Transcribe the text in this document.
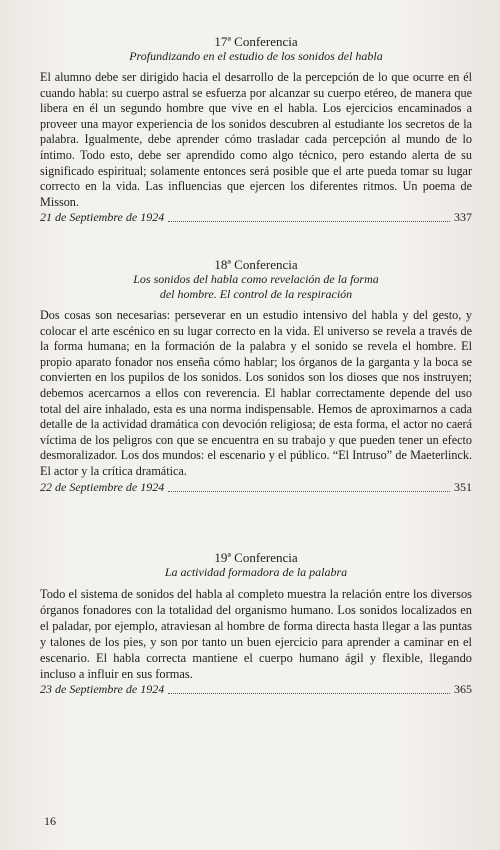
17ª Conferencia

Profundizando en el estudio de los sonidos del habla

El alumno debe ser dirigido hacia el desarrollo de la percepción de lo que ocurre en él cuando habla: su cuerpo astral se esfuerza por alcanzar su cuerpo etéreo, de manera que libera en él un segundo hombre que vive en el habla. Los ejercicios encaminados a proveer una mayor experiencia de los sonidos descubren al estudiante los secretos de la palabra. Igualmente, debe aprender cómo trasladar cada percepción al mundo de lo íntimo. Todo esto, debe ser aprendido como algo técnico, pero estando alerta de su significado espiritual; solamente entonces será posible que el arte pueda tomar su lugar correcto en la vida. Las influencias que ejercen los diferentes ritmos. Un poema de Misson.

21 de Septiembre de 1924	337

18ª Conferencia

Los sonidos del habla como revelación de la forma

del hombre. El control de la respiración

Dos cosas son necesarias: perseverar en un estudio intensivo del habla y del gesto, y colocar el arte escénico en su lugar correcto en la vida. El universo se revela a través de la forma humana; en la formación de la palabra y el sonido se revela el hombre. El propio aparato fonador nos enseña cómo hablar; los órganos de la garganta y la boca se convierten en los pupilos de los sonidos. Los sonidos son los dioses que nos instruyen; debemos acercarnos a ellos con reverencia. El hablar correctamente depende del uso total del aire inhalado, esta es una norma indispensable. Hemos de aproximarnos a cada detalle de la actividad dramática con devoción religiosa; de esta forma, el actor no caerá víctima de los peligros con que se encuentra en su trabajo y que pueden tener un efecto desmoralizador. Los dos mundos: el escenario y el público. “El Intruso” de Maeterlinck. El actor y la crítica dramática.

22 de Septiembre de 1924	351

19ª Conferencia

La actividad formadora de la palabra

Todo el sistema de sonidos del habla al completo muestra la relación entre los diversos órganos fonadores con la totalidad del organismo humano. Los sonidos localizados en el paladar, por ejemplo, atraviesan al hombre de forma directa hasta llegar a las puntas y talones de los pies, y son por tanto un buen ejercicio para aprender a caminar en el escenario. El habla correcta mantiene el cuerpo humano ágil y flexible, llegando incluso a influir en sus formas.

23 de Septiembre de 1924	365
16
